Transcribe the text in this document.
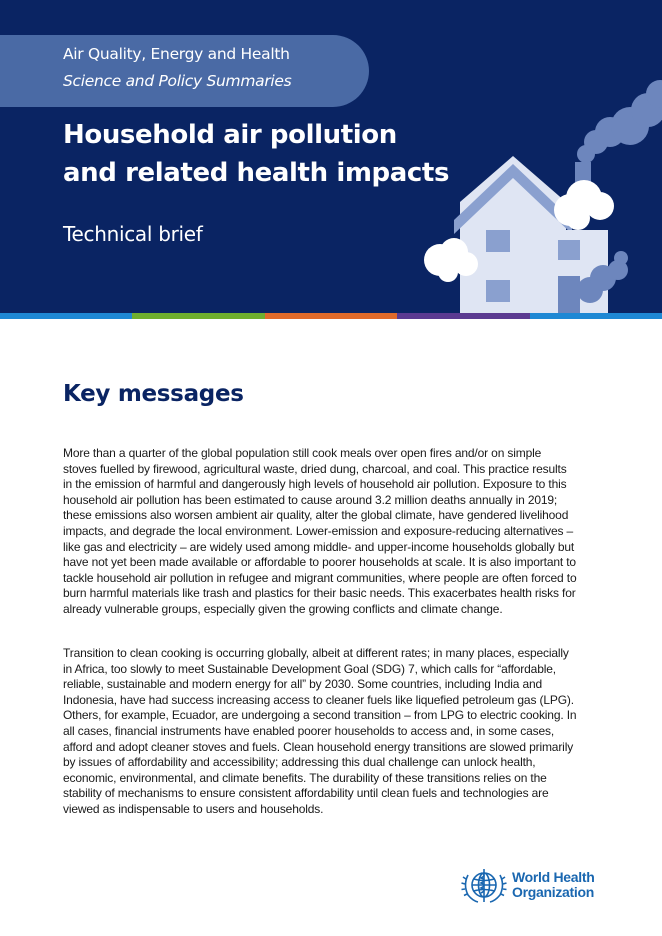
Air Quality, Energy and Health

Science and Policy Summaries

Household air pollution
and related health impacts

Technical brief

Key messages

More than a quarter of the global population still cook meals over open fires and/or on simple stoves fuelled by firewood, agricultural waste, dried dung, charcoal, and coal. This practice results in the emission of harmful and dangerously high levels of household air pollution. Exposure to this household air pollution has been estimated to cause around 3.2 million deaths annually in 2019; these emissions also worsen ambient air quality, alter the global climate, have gendered livelihood impacts, and degrade the local environment. Lower-emission and exposure-reducing alternatives – like gas and electricity – are widely used among middle- and upper-income households globally but have not yet been made available or affordable to poorer households at scale. It is also important to tackle household air pollution in refugee and migrant communities, where people are often forced to burn harmful materials like trash and plastics for their basic needs. This exacerbates health risks for already vulnerable groups, especially given the growing conflicts and climate change.

Transition to clean cooking is occurring globally, albeit at different rates; in many places, especially in Africa, too slowly to meet Sustainable Development Goal (SDG) 7, which calls for “affordable, reliable, sustainable and modern energy for all” by 2030. Some countries, including India and Indonesia, have had success increasing access to cleaner fuels like liquefied petroleum gas (LPG). Others, for example, Ecuador, are undergoing a second transition – from LPG to electric cooking. In all cases, financial instruments have enabled poorer households to access and, in some cases, afford and adopt cleaner stoves and fuels. Clean household energy transitions are slowed primarily by issues of affordability and accessibility; addressing this dual challenge can unlock health, economic, environmental, and climate benefits. The durability of these transitions relies on the stability of mechanisms to ensure consistent affordability until clean fuels and technologies are viewed as indispensable to users and households.

World Health
Organization
